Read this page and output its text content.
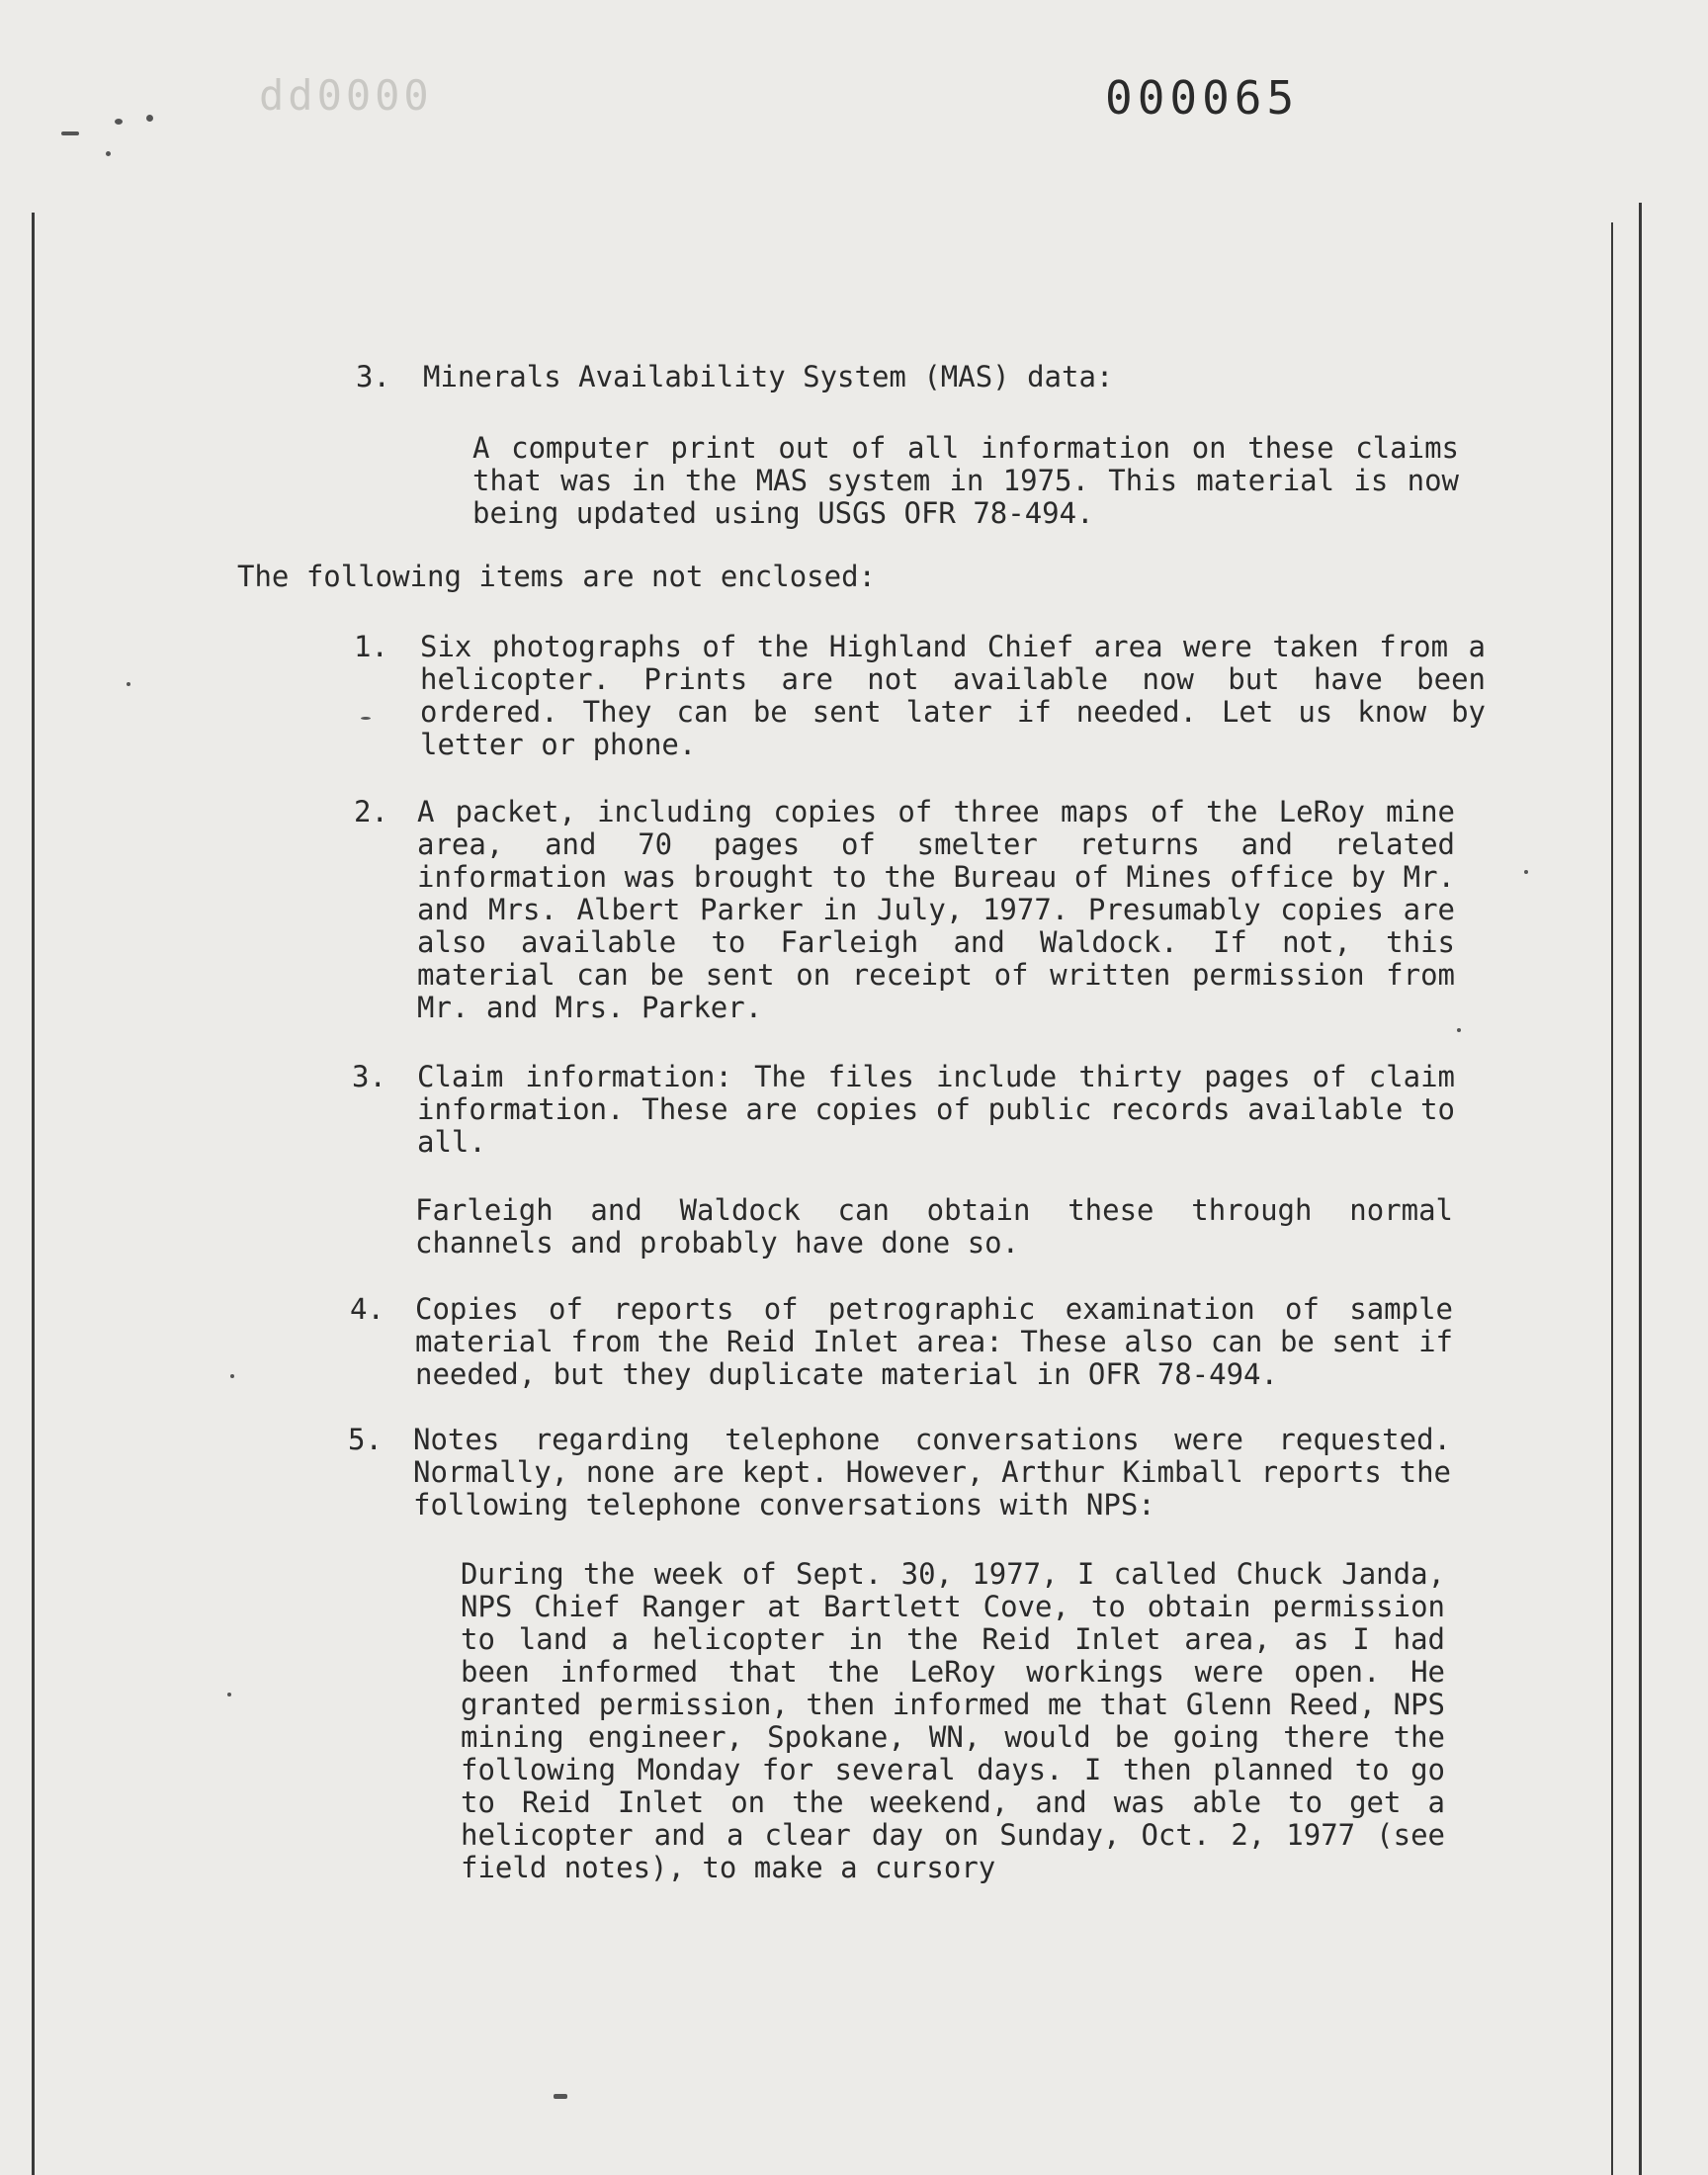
dd0000	000065

3. Minerals Availability System (MAS) data:

A computer print out of all information on these claims that was in the MAS system in 1975. This material is now being updated using USGS OFR 78-494.

The following items are not enclosed:

1. Six photographs of the Highland Chief area were taken from a helicopter. Prints are not available now but have been ordered. They can be sent later if needed. Let us know by letter or phone.

2. A packet, including copies of three maps of the LeRoy mine area, and 70 pages of smelter returns and related information was brought to the Bureau of Mines office by Mr. and Mrs. Albert Parker in July, 1977. Presumably copies are also available to Farleigh and Waldock. If not, this material can be sent on receipt of written permission from Mr. and Mrs. Parker.

3. Claim information: The files include thirty pages of claim information. These are copies of public records available to all.

Farleigh and Waldock can obtain these through normal channels and probably have done so.

4. Copies of reports of petrographic examination of sample material from the Reid Inlet area: These also can be sent if needed, but they duplicate material in OFR 78-494.

5. Notes regarding telephone conversations were requested. Normally, none are kept. However, Arthur Kimball reports the following telephone conversations with NPS:

During the week of Sept. 30, 1977, I called Chuck Janda, NPS Chief Ranger at Bartlett Cove, to obtain permission to land a helicopter in the Reid Inlet area, as I had been informed that the LeRoy workings were open. He granted permission, then informed me that Glenn Reed, NPS mining engineer, Spokane, WN, would be going there the following Monday for several days. I then planned to go to Reid Inlet on the weekend, and was able to get a helicopter and a clear day on Sunday, Oct. 2, 1977 (see field notes), to make a cursory
